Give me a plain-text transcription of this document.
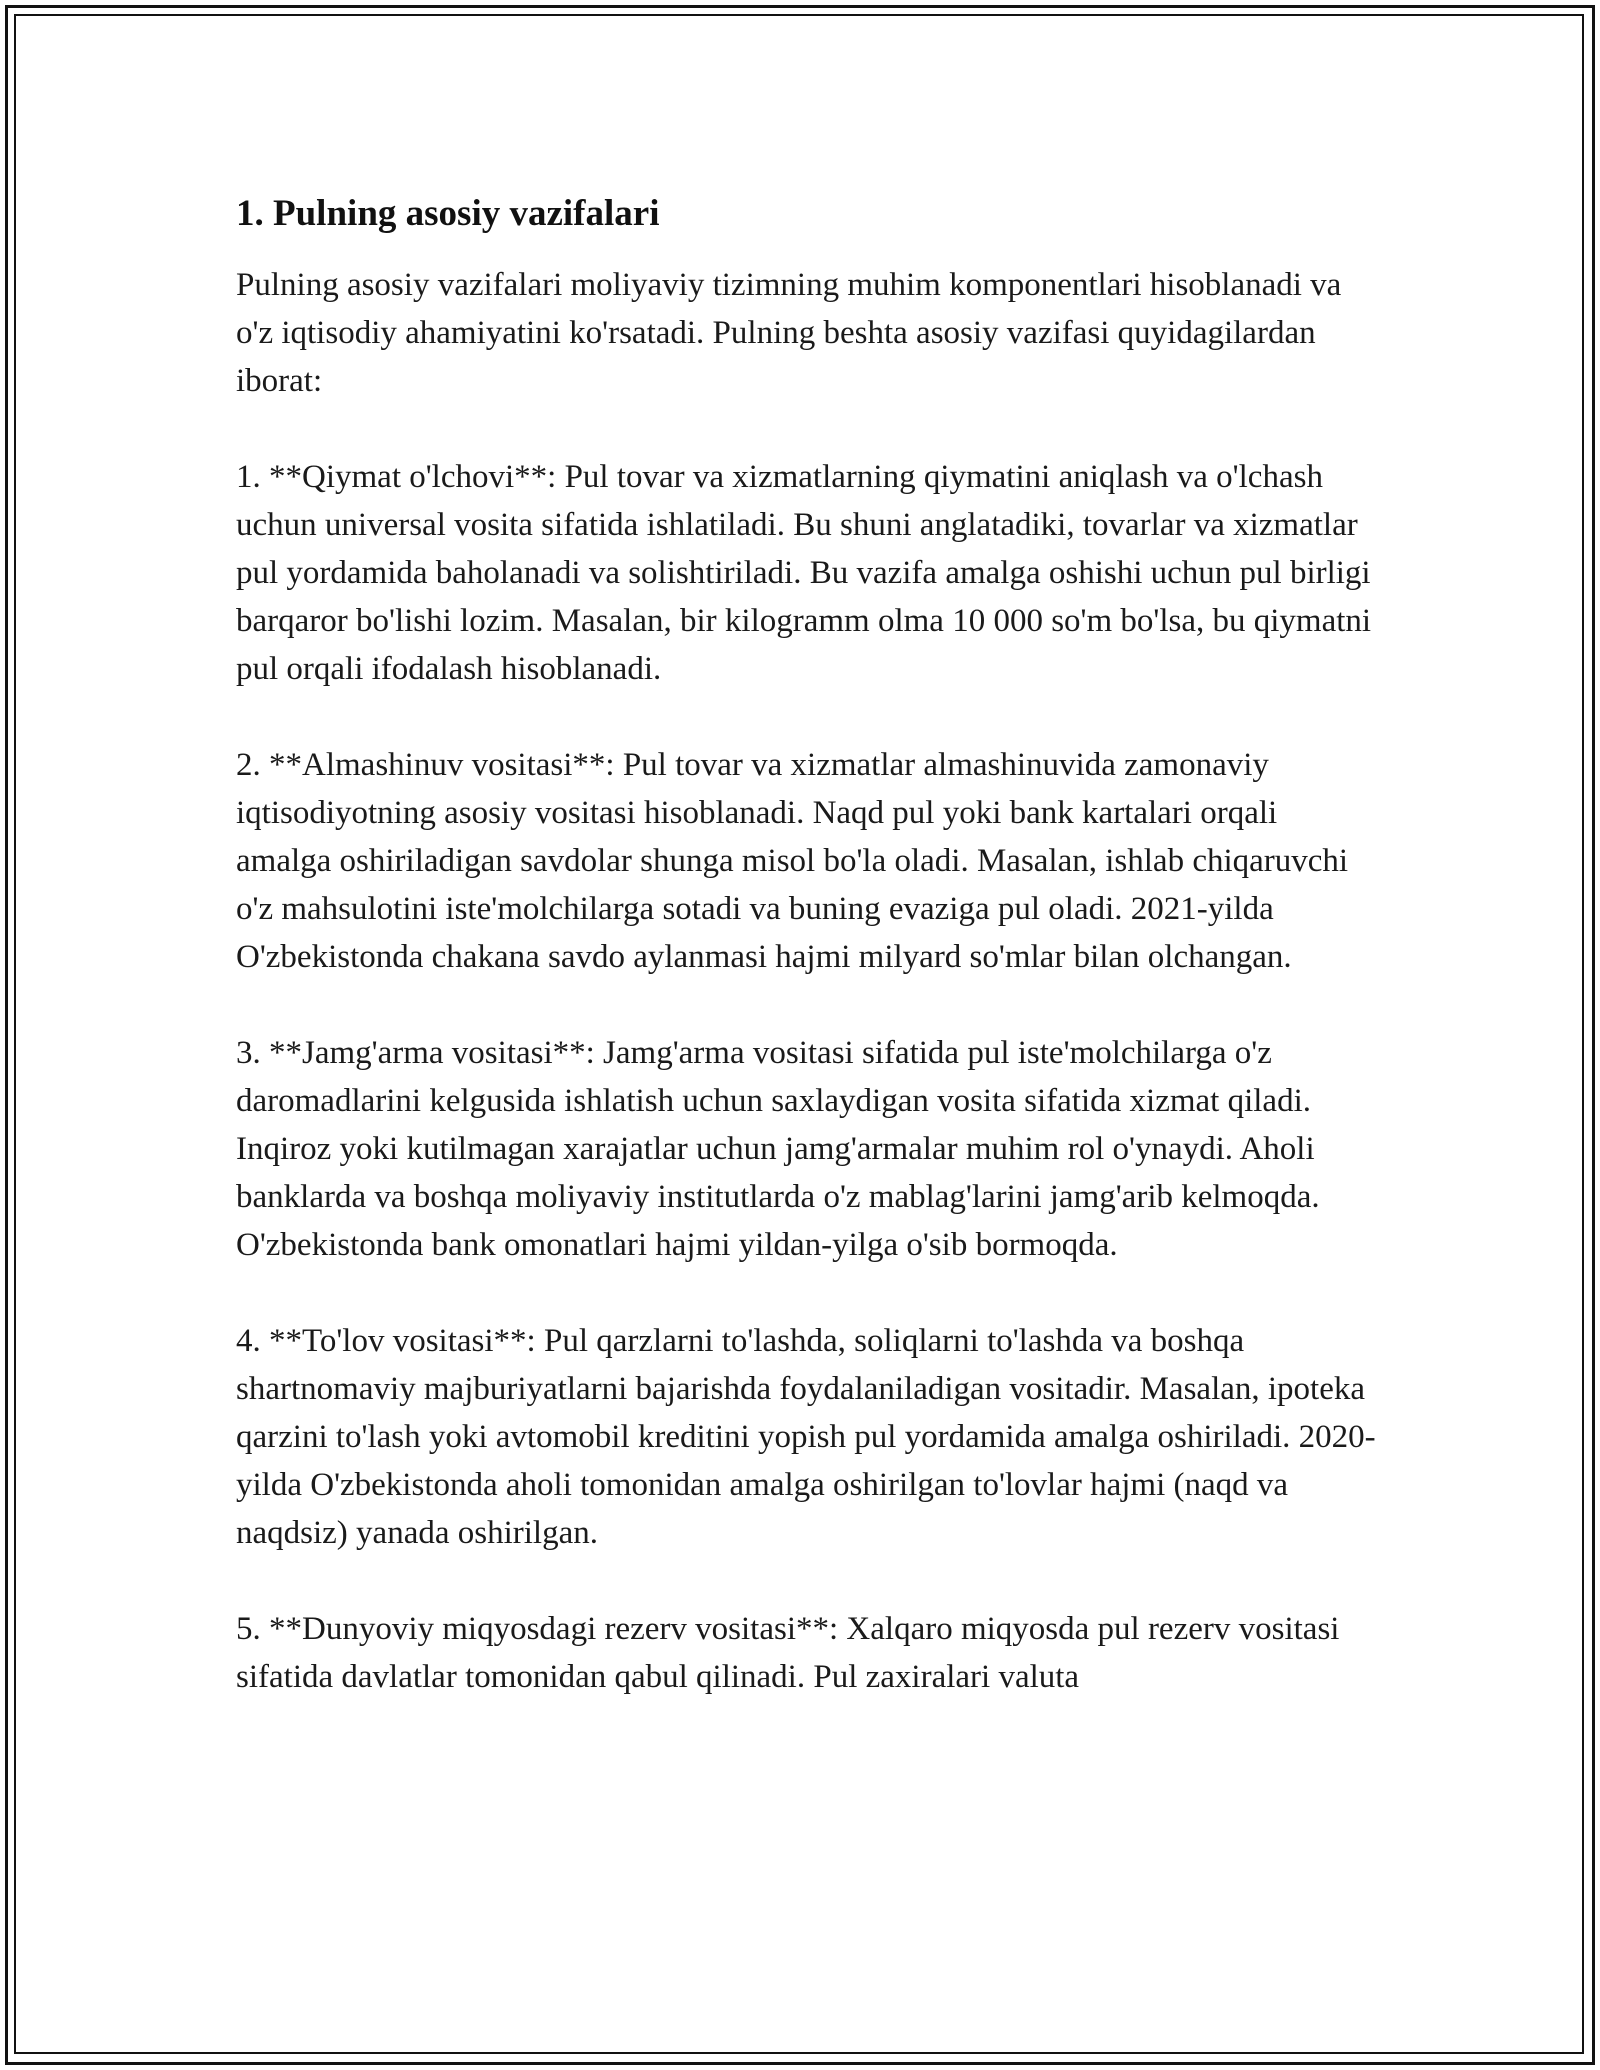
1. Pulning asosiy vazifalari

Pulning asosiy vazifalari moliyaviy tizimning muhim komponentlari hisoblanadi va o'z iqtisodiy ahamiyatini ko'rsatadi. Pulning beshta asosiy vazifasi quyidagilardan iborat:

1. **Qiymat o'lchovi**: Pul tovar va xizmatlarning qiymatini aniqlash va o'lchash uchun universal vosita sifatida ishlatiladi. Bu shuni anglatadiki, tovarlar va xizmatlar pul yordamida baholanadi va solishtiriladi. Bu vazifa amalga oshishi uchun pul birligi barqaror bo'lishi lozim. Masalan, bir kilogramm olma 10 000 so'm bo'lsa, bu qiymatni pul orqali ifodalash hisoblanadi.

2. **Almashinuv vositasi**: Pul tovar va xizmatlar almashinuvida zamonaviy iqtisodiyotning asosiy vositasi hisoblanadi. Naqd pul yoki bank kartalari orqali amalga oshiriladigan savdolar shunga misol bo'la oladi. Masalan, ishlab chiqaruvchi o'z mahsulotini iste'molchilarga sotadi va buning evaziga pul oladi. 2021-yilda O'zbekistonda chakana savdo aylanmasi hajmi milyard so'mlar bilan olchangan.

3. **Jamg'arma vositasi**: Jamg'arma vositasi sifatida pul iste'molchilarga o'z daromadlarini kelgusida ishlatish uchun saxlaydigan vosita sifatida xizmat qiladi. Inqiroz yoki kutilmagan xarajatlar uchun jamg'armalar muhim rol o'ynaydi. Aholi banklarda va boshqa moliyaviy institutlarda o'z mablag'larini jamg'arib kelmoqda. O'zbekistonda bank omonatlari hajmi yildan-yilga o'sib bormoqda.

4. **To'lov vositasi**: Pul qarzlarni to'lashda, soliqlarni to'lashda va boshqa shartnomaviy majburiyatlarni bajarishda foydalaniladigan vositadir. Masalan, ipoteka qarzini to'lash yoki avtomobil kreditini yopish pul yordamida amalga oshiriladi. 2020-yilda O'zbekistonda aholi tomonidan amalga oshirilgan to'lovlar hajmi (naqd va naqdsiz) yanada oshirilgan.

5. **Dunyoviy miqyosdagi rezerv vositasi**: Xalqaro miqyosda pul rezerv vositasi sifatida davlatlar tomonidan qabul qilinadi. Pul zaxiralari valuta
